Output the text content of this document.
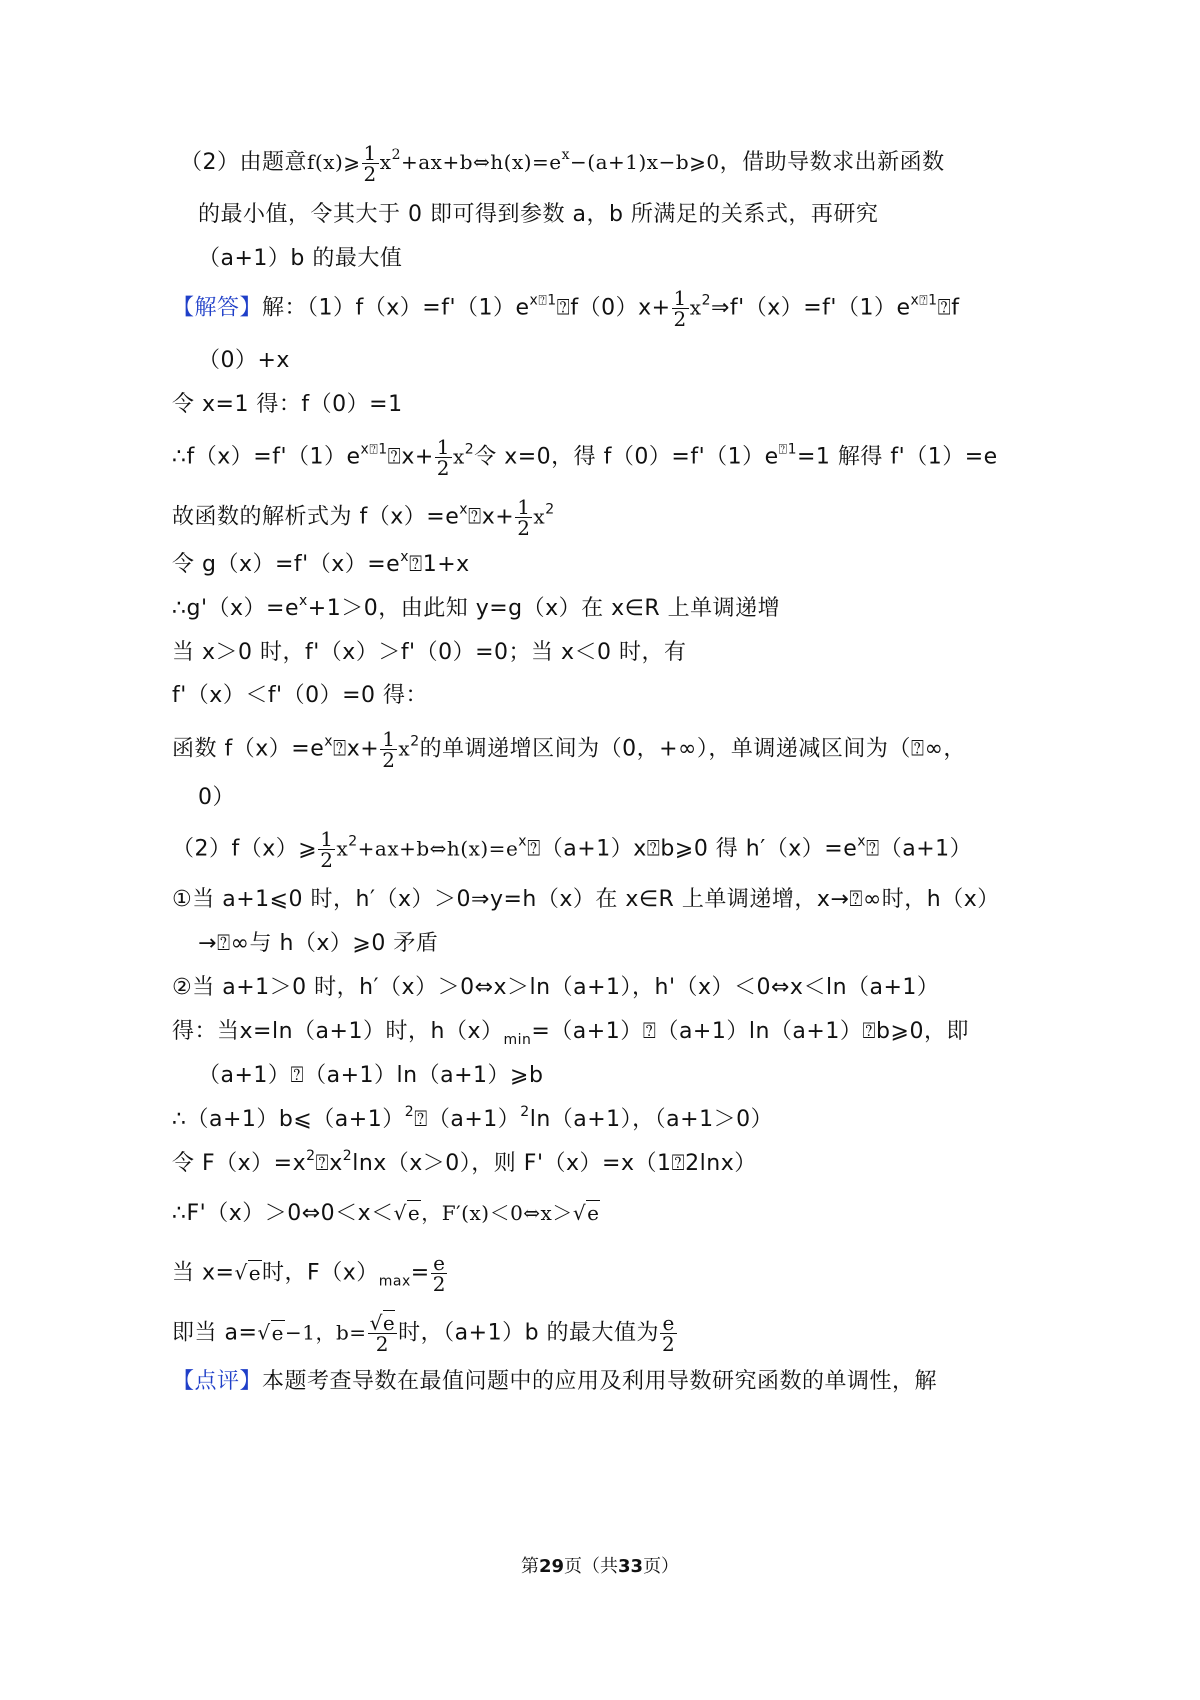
（2）由题意f(x)⩾ $\frac{1}{2}$ $x^2+ax+b\Leftrightarrow h(x)=e^x-(a+1)x-b⩾0$，借助导数求出新函数
的最小值，令其大于 0 即可得到参数 a，b 所满足的关系式，再研究
（a+1）b 的最大值
【解答】解：$(1)f(x)=f'(1)e^{x⍰1}⍰f(0)x+ \frac{1}{2}$ $x^2\Rightarrow f'(x)=f'(1)e^{x⍰1}⍰f$
（0）+x
令 x=1 得：f（0）=1
$\therefore f(x)=f'(1)e^{x⍰1}⍰x+ \frac{1}{2} x^2$令 x=0，得 $f(0)=f'(1)e^{⍰1}=1$ 解得 f'（1）=e
故函数的解析式为 $f(x)=e^x⍰x+ \frac{1}{2} x^2$
令 $g(x)=f'(x)=e^x⍰1+x$
$\therefore g'(x)=e^x+1>0$，由此知 y=g（x）在 x∈R 上单调递增
当 x＞0 时，f'（x）＞f'（0）=0；当 x＜0 时，有
f'（x）＜f'（0）=0 得：
函数 $f(x)=e^x⍰x+ \frac{1}{2} x^2$的单调递增区间为（0，+∞），单调递减区间为（⍰∞，
0）
（2）f（x）⩾ $\frac{1}{2}$ $x^2+ax+b\Leftrightarrow h(x)=e^x⍰(a+1)x⍰b⩾0$ 得 $h'(x)=e^x⍰(a+1)$
①当 a+1⩽0 时，h′（x）＞0⇒y=h（x）在 x∈R 上单调递增，x→⍰∞时，h（x）
→⍰∞与 h（x）⩾0 矛盾
②当 a+1＞0 时，h′（x）＞0⇔x＞ln（a+1），h'（x）＜0⇔x＜ln（a+1）
得： 当 x=ln （a+1） 时， h $(x)_{min}=(a+1)$ ⍰ （a+1） ln （a+1） ⍰b⩾0， 即
（a+1）⍰（a+1）ln（a+1）⩾b
$\therefore(a+1)b⩽(a+1)^2⍰(a+1)^2\ln(a+1)$，（a+1＞0）
令 $F(x)=x^2⍰x^2\ln x(x>0)$，则 F'（x）=x（1⍰2lnx）
∴F'（x）＞0⇔0＜x＜√e，F′(x)＜0⇔x＞√e
当 x=√e时，$F(x)_{max}= \frac{e}{2}$
即当 a=√e−1，$b= \frac{√e}{2}$ 时，（a+1）b 的最大值为 $\frac{e}{2}$
【点评】本题考查导数在最值问题中的应用及利用导数研究函数的单调性，解
第29页（共33页）
